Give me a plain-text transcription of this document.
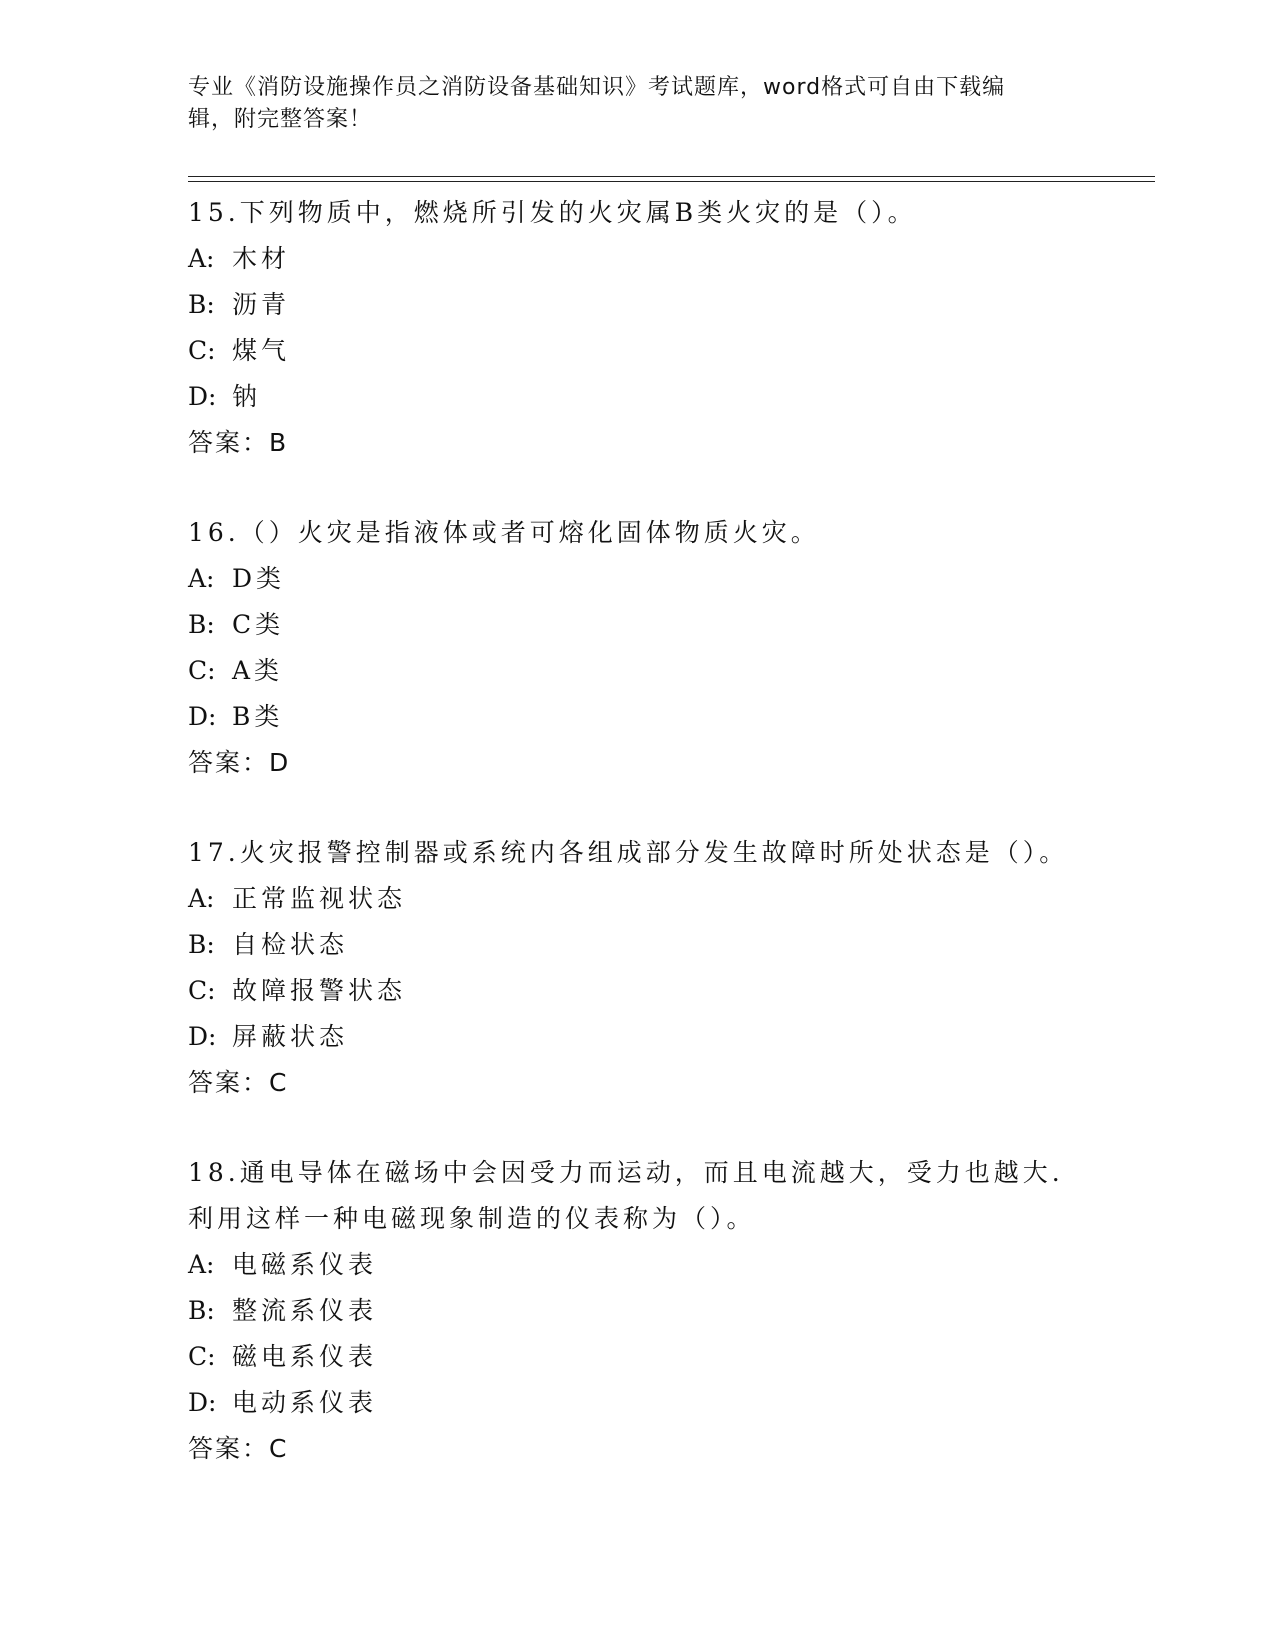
专业《消防设施操作员之消防设备基础知识》考试题库，word格式可自由下载编
辑，附完整答案！
15.下列物质中，燃烧所引发的火灾属B类火灾的是（）。
A: 木材
B: 沥青
C: 煤气
D: 钠
答案：B
16.（）火灾是指液体或者可熔化固体物质火灾。
A: D类
B: C类
C: A类
D: B类
答案：D
17.火灾报警控制器或系统内各组成部分发生故障时所处状态是（）。
A: 正常监视状态
B: 自检状态
C: 故障报警状态
D: 屏蔽状态
答案：C
18.通电导体在磁场中会因受力而运动，而且电流越大，受力也越大.
利用这样一种电磁现象制造的仪表称为（）。
A: 电磁系仪表
B: 整流系仪表
C: 磁电系仪表
D: 电动系仪表
答案：C
